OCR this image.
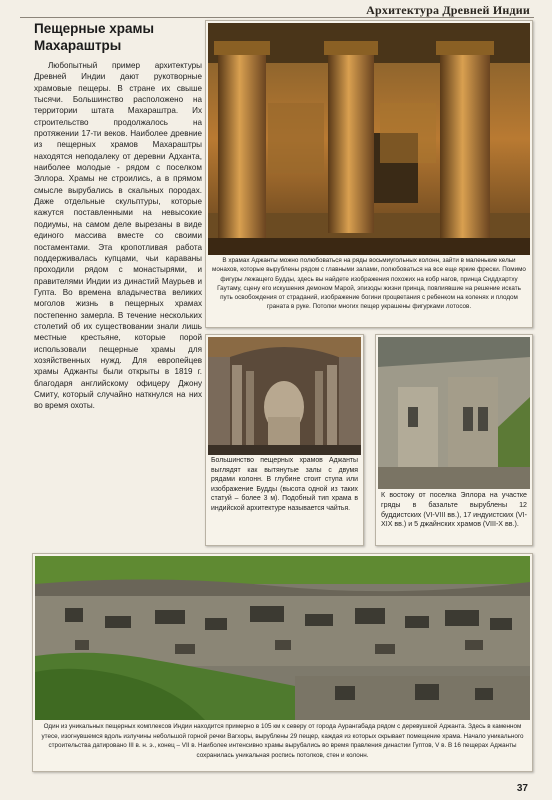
Архитектура Древней Индии
Пещерные храмы
Махараштры

Любопытный пример архитектуры Древней Индии дают рукотворные храмовые пещеры. В стране их свыше тысячи. Большинство расположено на территории штата Махараштра. Их строительство продолжалось на протяжении 17-ти веков. Наиболее древние из пещерных храмов Махараштры находятся неподалеку от деревни Адханта, наиболее молодые - рядом с поселком Эллора. Храмы не строились, а в прямом смысле вырубались в скальных породах. Даже отдельные скульптуры, которые кажутся поставленными на невысокие подиумы, на самом деле вырезаны в виде единого массива вместе со своими постаментами. Эта кропотливая работа поддерживалась купцами, чьи караваны проходили рядом с монастырями, и правителями Индии из династий Маурьев и Гупта. Во времена владычества великих моголов жизнь в пещерных храмах постепенно замерла. В течение нескольких столетий об их существовании знали лишь местные крестьяне, которые порой использовали пещерные храмы для хозяйственных нужд. Для европейцев храмы Аджанты были открыты в 1819 г. благодаря английскому офицеру Джону Смиту, который случайно наткнулся на них во время охоты.

В храмах Аджанты можно полюбоваться на ряды восьмиугольных колонн, зайти в маленькие кельи монахов, которые вырублены рядом с главными залами, полюбоваться на все еще яркие фрески. Помимо фигуры лежащего Будды, здесь вы найдете изображения похожих на кобр нагов, принца Сиддхартху Гаутаму, сцену его искушения демоном Марой, эпизоды жизни принца, повлиявшие на решение искать путь освобождения от страданий, изображение богини процветания с ребенком на коленях и плодом граната в руке. Потолки многих пещер украшены фигурками лотосов.
Большинство пещерных храмов Аджанты выглядят как вытянутые залы с двумя рядами колонн. В глубине стоит ступа или изображение Будды (высота одной из таких статуй – более 3 м). Подобный тип храма в индийской архитектуре называется чайтья.
К востоку от поселка Эллора на участке гряды в базальте вырублены 12 буддистских (VI-VIII вв.), 17 индуистских (VI-XIX вв.) и 5 джайнских храмов (VIII-X вв.).
Один из уникальных пещерных комплексов Индии находится примерно в 105 км к северу от города Аурангабада рядом с деревушкой Аджанта. Здесь в каменном утесе, изогнувшемся вдоль излучины небольшой горной речки Вагхоры, вырублены 29 пещер, каждая из которых скрывает помещение храма. Начало уникального строительства датировано III в. н. э., конец – VII в. Наиболее интенсивно храмы вырубались во время правления династии Гуптов, V в. В 16 пещерах Аджанты сохранилась уникальная роспись потолков, стен и колонн.
37
